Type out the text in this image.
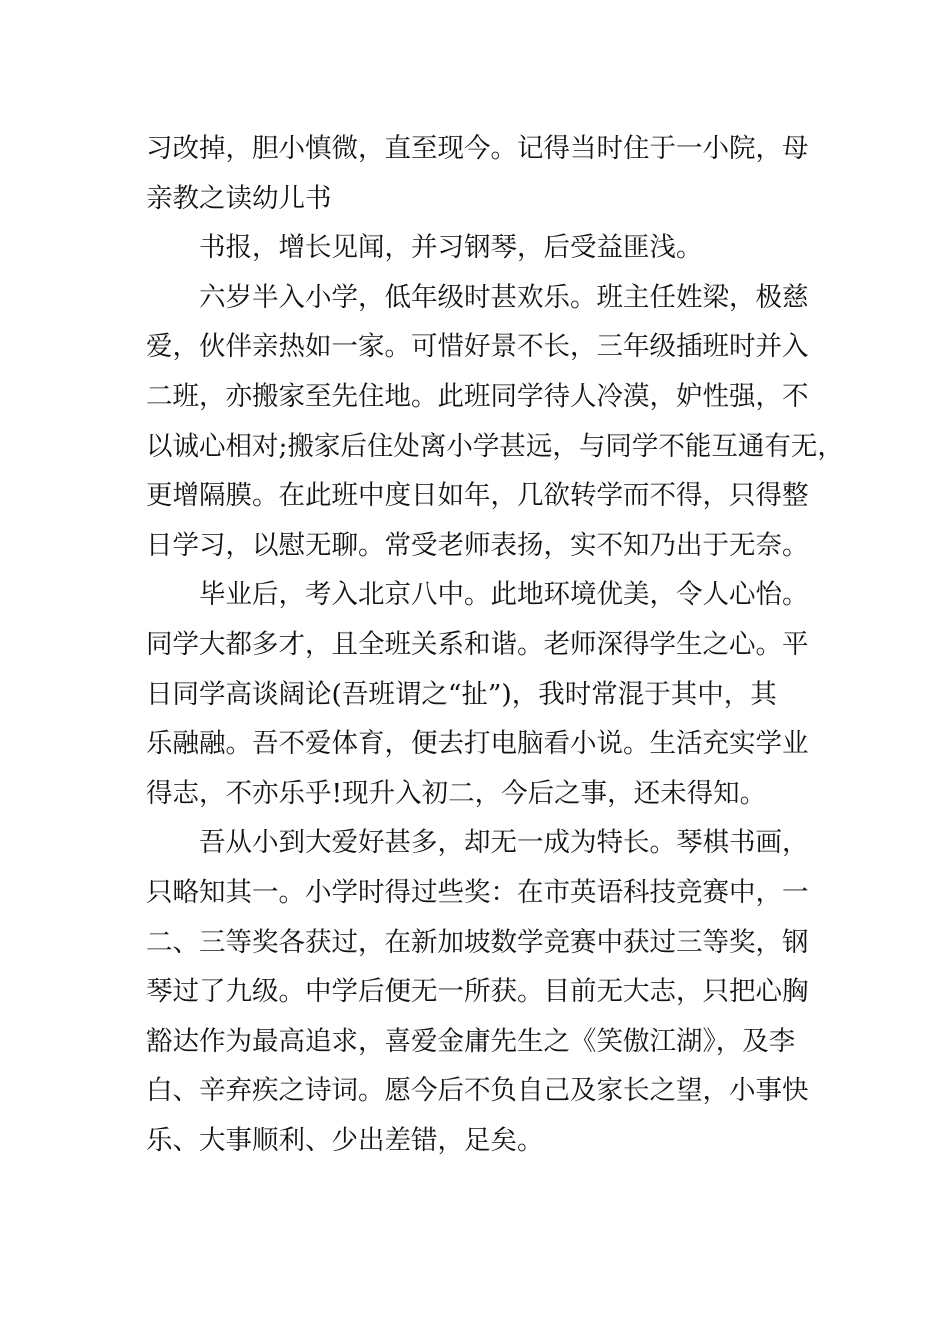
习改掉，胆小慎微，直至现今。记得当时住于一小院，母
亲教之读幼儿书
书报，增长见闻，并习钢琴，后受益匪浅。
六岁半入小学，低年级时甚欢乐。班主任姓梁，极慈
爱，伙伴亲热如一家。可惜好景不长，三年级插班时并入
二班，亦搬家至先住地。此班同学待人冷漠，妒性强，不
以诚心相对;搬家后住处离小学甚远，与同学不能互通有无，
更增隔膜。在此班中度日如年，几欲转学而不得，只得整
日学习，以慰无聊。常受老师表扬，实不知乃出于无奈。
毕业后，考入北京八中。此地环境优美，令人心怡。
同学大都多才，且全班关系和谐。老师深得学生之心。平
日同学高谈阔论(吾班谓之“扯”)，我时常混于其中，其
乐融融。吾不爱体育，便去打电脑看小说。生活充实学业
得志，不亦乐乎!现升入初二，今后之事，还未得知。
吾从小到大爱好甚多，却无一成为特长。琴棋书画，
只略知其一。小学时得过些奖：在市英语科技竞赛中，一
二、三等奖各获过，在新加坡数学竞赛中获过三等奖，钢
琴过了九级。中学后便无一所获。目前无大志，只把心胸
豁达作为最高追求，喜爱金庸先生之《笑傲江湖》，及李
白、辛弃疾之诗词。愿今后不负自己及家长之望，小事快
乐、大事顺利、少出差错，足矣。
